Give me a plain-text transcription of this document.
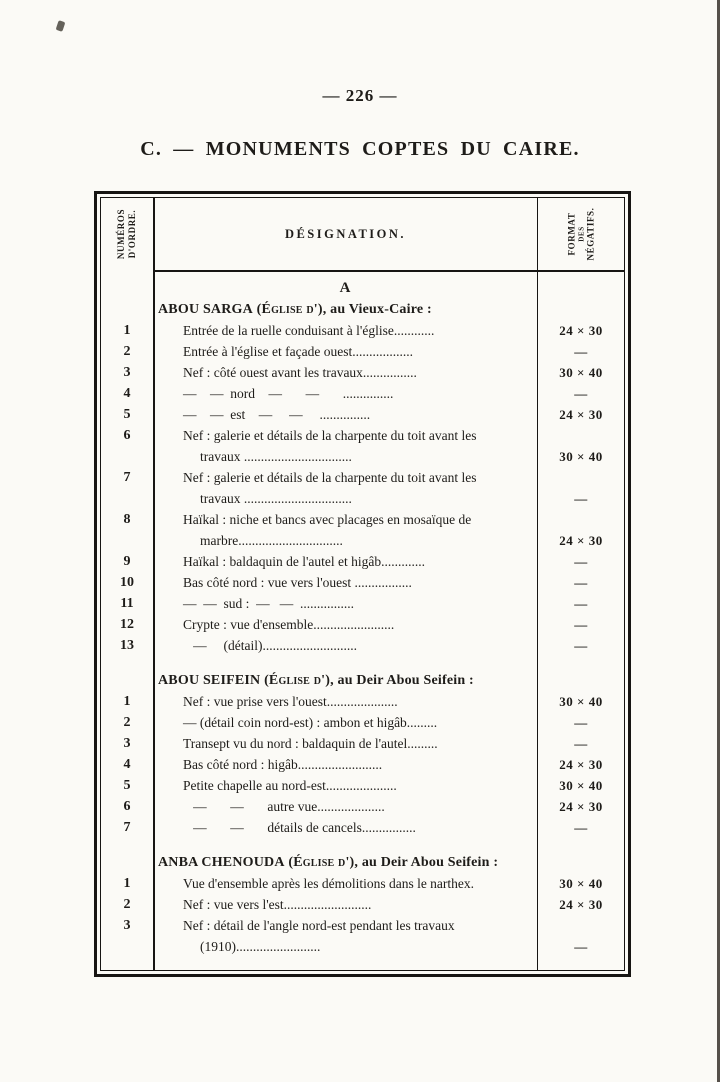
— 226 —
C. — MONUMENTS COPTES DU CAIRE.
NUMÉROS D'ORDRE.	DÉSIGNATION.	FORMAT DES NÉGATIFS.
A
ABOU SARGA (Église d'), au Vieux-Caire :
1	Entrée de la ruelle conduisant à l'église............	24 × 30
2	Entrée à l'église et façade ouest..................	—
3	Nef : côté ouest avant les travaux................	30 × 40
4	—    —  nord    —       —       ...............	—
5	—    —  est    —     —     ...............	24 × 30
6	Nef : galerie et détails de la charpente du toit avant les
travaux ................................	30 × 40
7	Nef : galerie et détails de la charpente du toit avant les
travaux ................................	—
8	Haïkal : niche et bancs avec placages en mosaïque de
marbre...............................	24 × 30
9	Haïkal : baldaquin de l'autel et higâb.............	—
10	Bas côté nord : vue vers l'ouest .................	—
11	—  —  sud :  —   —  ................	—
12	Crypte : vue d'ensemble........................	—
13	—     (détail)............................	—
ABOU SEIFEIN (Église d'), au Deir Abou Seifein :
1	Nef : vue prise vers l'ouest.....................	30 × 40
2	— (détail coin nord-est) : ambon et higâb.........	—
3	Transept vu du nord : baldaquin de l'autel.........	—
4	Bas côté nord : higâb.........................	24 × 30
5	Petite chapelle au nord-est.....................	30 × 40
6	—       —       autre vue....................	24 × 30
7	—       —       détails de cancels................	—
ANBA CHENOUDA (Église d'), au Deir Abou Seifein :
1	Vue d'ensemble après les démolitions dans le narthex.	30 × 40
2	Nef : vue vers l'est..........................	24 × 30
3	Nef : détail de l'angle nord-est pendant les travaux
(1910).........................	—
